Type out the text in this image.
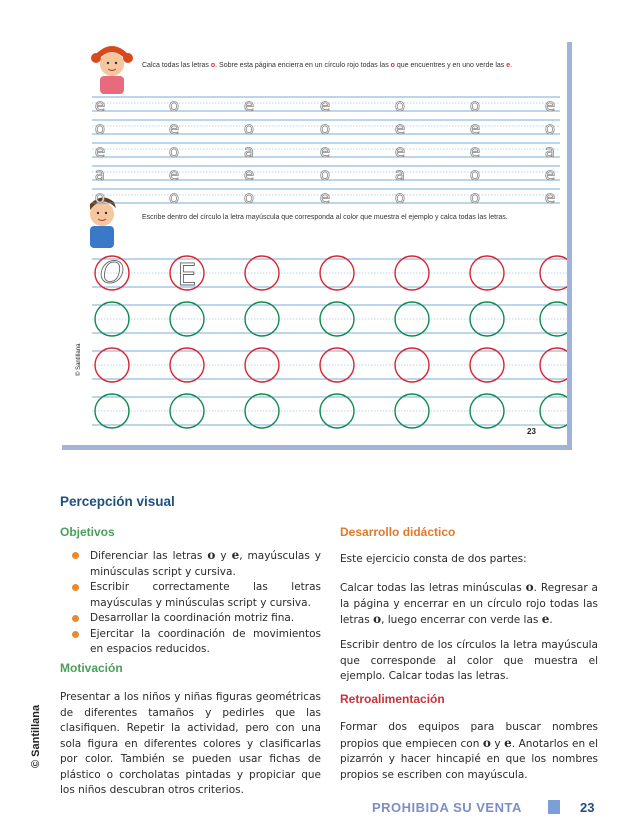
e	o	e	e	o	o	e
o	e	o	o	e	e	o
e	o	a	e	e	e	a
a	e	e	o	a	o	e
o	o	o	e	o	o	e
O E
Calca todas las letras o. Sobre esta página encierra en un círculo rojo todas las o que encuentres y en uno verde las e.
Escribe dentro del círculo la letra mayúscula que corresponda al color que muestra el ejemplo y calca todas las letras.
© Santillana
23
Percepción visual
Objetivos
Diferenciar las letras o y e, mayúsculas y minúsculas script y cursiva.
Escribir correctamente las letras mayúsculas y minúsculas script y cursiva.
Desarrollar la coordinación motriz fina.
Ejercitar la coordinación de movimientos en espacios reducidos.
Motivación
Presentar a los niños y niñas figuras geométricas de diferentes tamaños y pedirles que las clasifiquen. Repetir la actividad, pero con una sola figura en diferentes colores y clasificarlas por color. También se pueden usar fichas de plástico o corcholatas pintadas y propiciar que los niños descubran otros criterios.
Desarrollo didáctico
Este ejercicio consta de dos partes:
Calcar todas las letras minúsculas o. Regresar a la página y encerrar en un círculo rojo todas las letras o, luego encerrar con verde las e.
Escribir dentro de los círculos la letra mayúscula que corresponde al color que muestra el ejemplo. Calcar todas las letras.
Retroalimentación
Formar dos equipos para buscar nombres propios que empiecen con o y e. Anotarlos en el pizarrón y hacer hincapié en que los nombres propios se escriben con mayúscula.
© Santillana
PROHIBIDA SU VENTA	23
